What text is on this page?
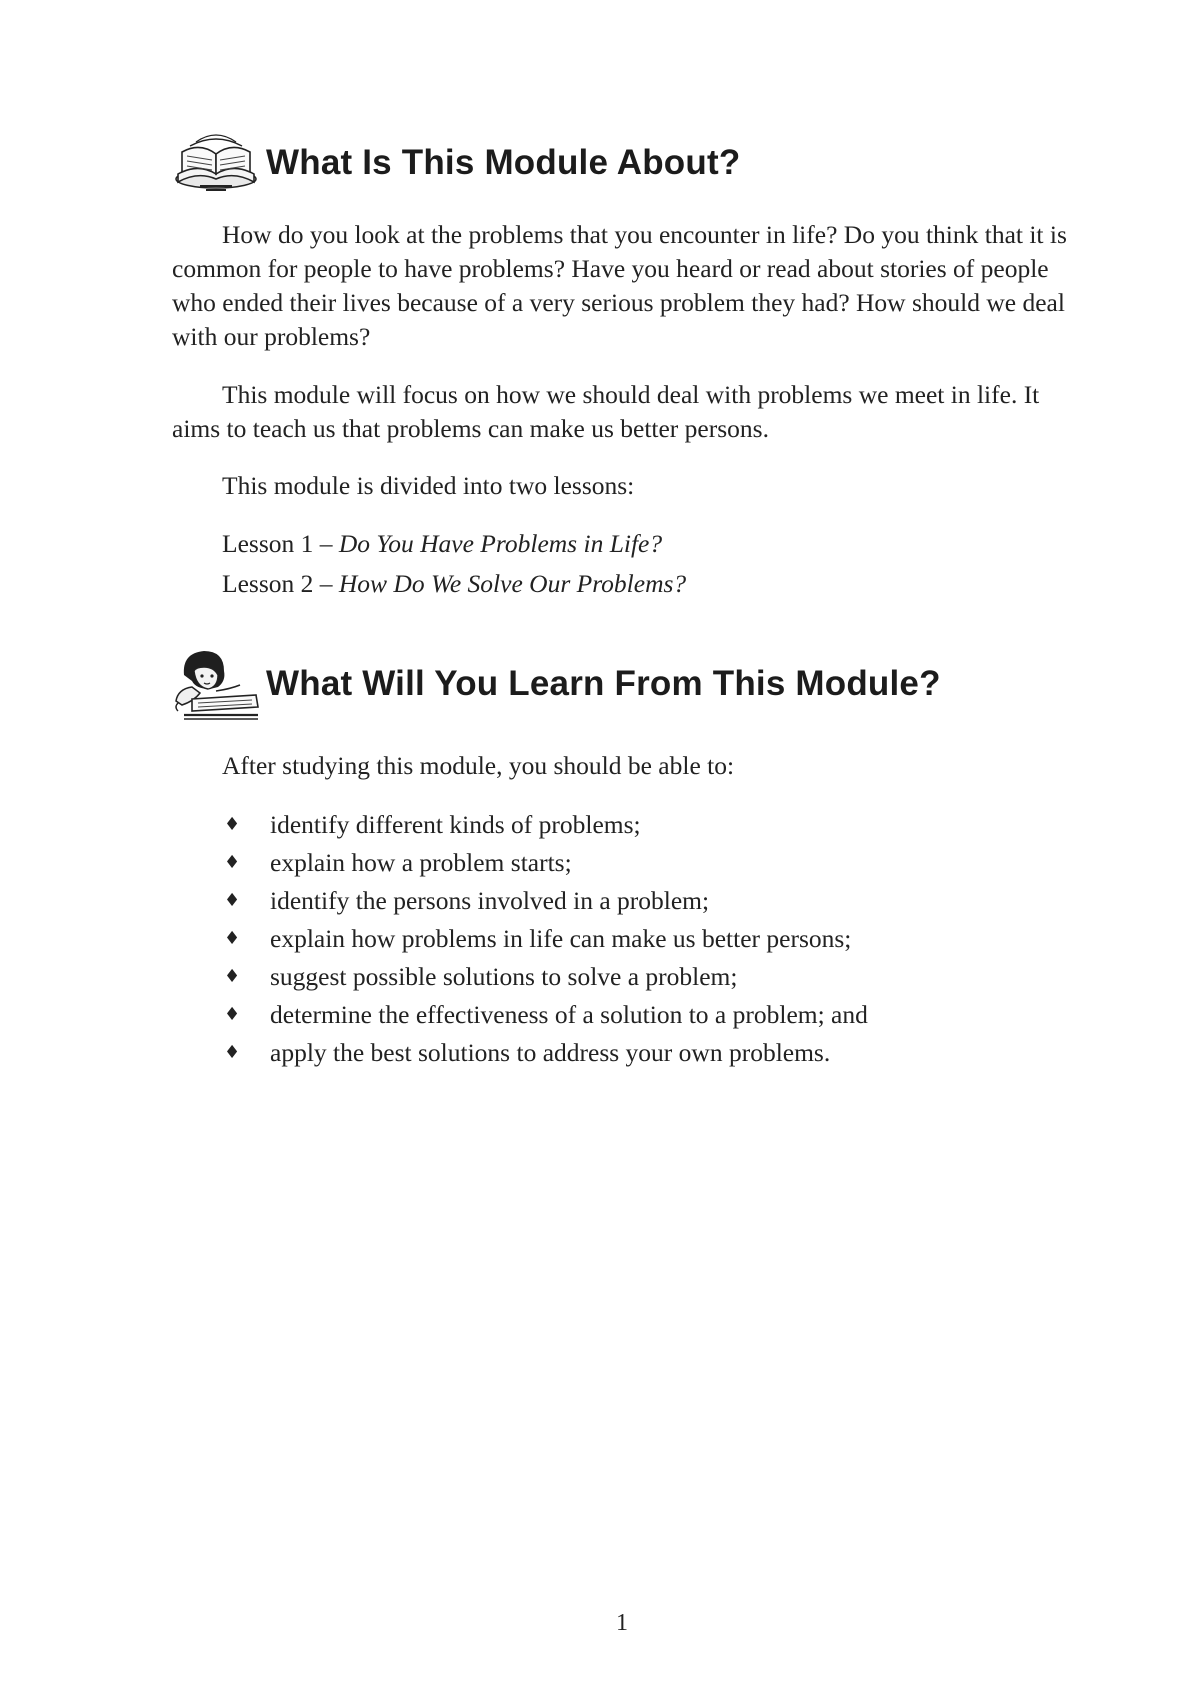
What Is This Module About?

How do you look at the problems that you encounter in life? Do you think that it is common for people to have problems? Have you heard or read about stories of people who ended their lives because of a very serious problem they had? How should we deal with our problems?

This module will focus on how we should deal with problems we meet in life. It aims to teach us that problems can make us better persons.

This module is divided into two lessons:

Lesson 1 – Do You Have Problems in Life?
Lesson 2 – How Do We Solve Our Problems?
What Will You Learn From This Module?
After studying this module, you should be able to:
♦ identify different kinds of problems;
♦ explain how a problem starts;
♦ identify the persons involved in a problem;
♦ explain how problems in life can make us better persons;
♦ suggest possible solutions to solve a problem;
♦ determine the effectiveness of a solution to a problem; and
♦ apply the best solutions to address your own problems.
1
